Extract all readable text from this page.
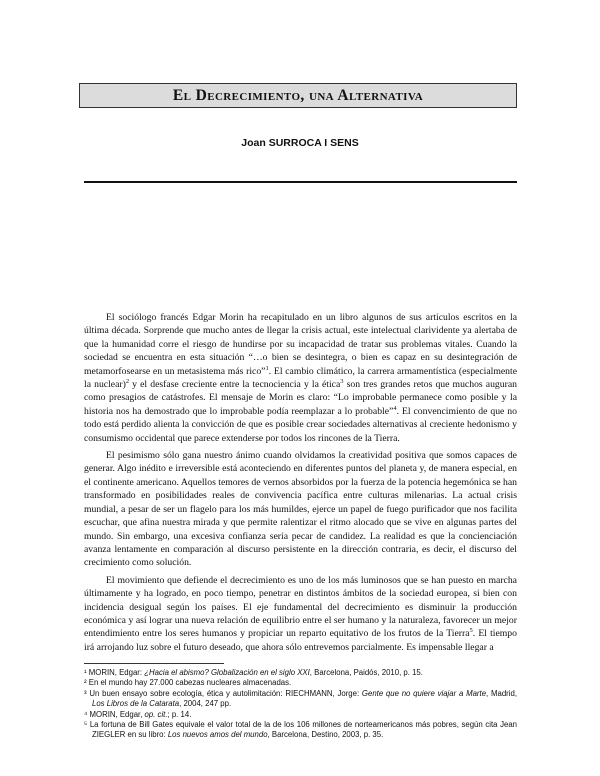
El Decrecimiento, una Alternativa
Joan SURROCA I SENS

El sociólogo francés Edgar Morin ha recapitulado en un libro algunos de sus artículos escritos en la última década. Sorprende que mucho antes de llegar la crisis actual, este intelectual clarividente ya alertaba de que la humanidad corre el riesgo de hundirse por su incapacidad de tratar sus problemas vitales. Cuando la sociedad se encuentra en esta situación “…o bien se desintegra, o bien es capaz en su desintegración de metamorfosearse en un metasistema más rico”$^1$. El cambio climático, la carrera armamentística (especialmente la nuclear)$^2$ y el desfase creciente entre la tecnociencia y la ética$^3$ son tres grandes retos que muchos auguran como presagios de catástrofes. El mensaje de Morin es claro: “Lo improbable permanece como posible y la historia nos ha demostrado que lo improbable podía reemplazar a lo probable”$^4$. El convencimiento de que no todo está perdido alienta la convicción de que es posible crear sociedades alternativas al creciente hedonismo y consumismo occidental que parece extenderse por todos los rincones de la Tierra.

El pesimismo sólo gana nuestro ánimo cuando olvidamos la creatividad positiva que somos capaces de generar. Algo inédito e irreversible está aconteciendo en diferentes puntos del planeta y, de manera especial, en el continente americano. Aquellos temores de vernos absorbidos por la fuerza de la potencia hegemónica se han transformado en posibilidades reales de convivencia pacífica entre culturas milenarias. La actual crisis mundial, a pesar de ser un flagelo para los más humildes, ejerce un papel de fuego purificador que nos facilita escuchar, que afina nuestra mirada y que permite ralentizar el ritmo alocado que se vive en algunas partes del mundo. Sin embargo, una excesiva confianza sería pecar de candidez. La realidad es que la concienciación avanza lentamente en comparación al discurso persistente en la dirección contraria, es decir, el discurso del crecimiento como solución.

El movimiento que defiende el decrecimiento es uno de los más luminosos que se han puesto en marcha últimamente y ha logrado, en poco tiempo, penetrar en distintos ámbitos de la sociedad europea, si bien con incidencia desigual según los países. El eje fundamental del decrecimiento es disminuir la producción económica y así lograr una nueva relación de equilibrio entre el ser humano y la naturaleza, favorecer un mejor entendimiento entre los seres humanos y propiciar un reparto equitativo de los frutos de la Tierra$^5$. El tiempo irá arrojando luz sobre el futuro deseado, que ahora sólo entrevemos parcialmente. Es impensable llegar a

¹ MORIN, Edgar: ¿Hacia el abismo? Globalización en el siglo XXI, Barcelona, Paidós, 2010, p. 15.
² En el mundo hay 27.000 cabezas nucleares almacenadas.
³ Un buen ensayo sobre ecología, ética y autolimitación: RIECHMANN, Jorge: Gente que no quiere viajar a Marte, Madrid, Los Libros de la Catarata, 2004, 247 pp.
⁴ MORIN, Edgar, op. cit.; p. 14.
⁵ La fortuna de Bill Gates equivale el valor total de la de los 106 millones de norteamericanos más pobres, según cita Jean ZIEGLER en su libro: Los nuevos amos del mundo, Barcelona, Destino, 2003, p. 35.
